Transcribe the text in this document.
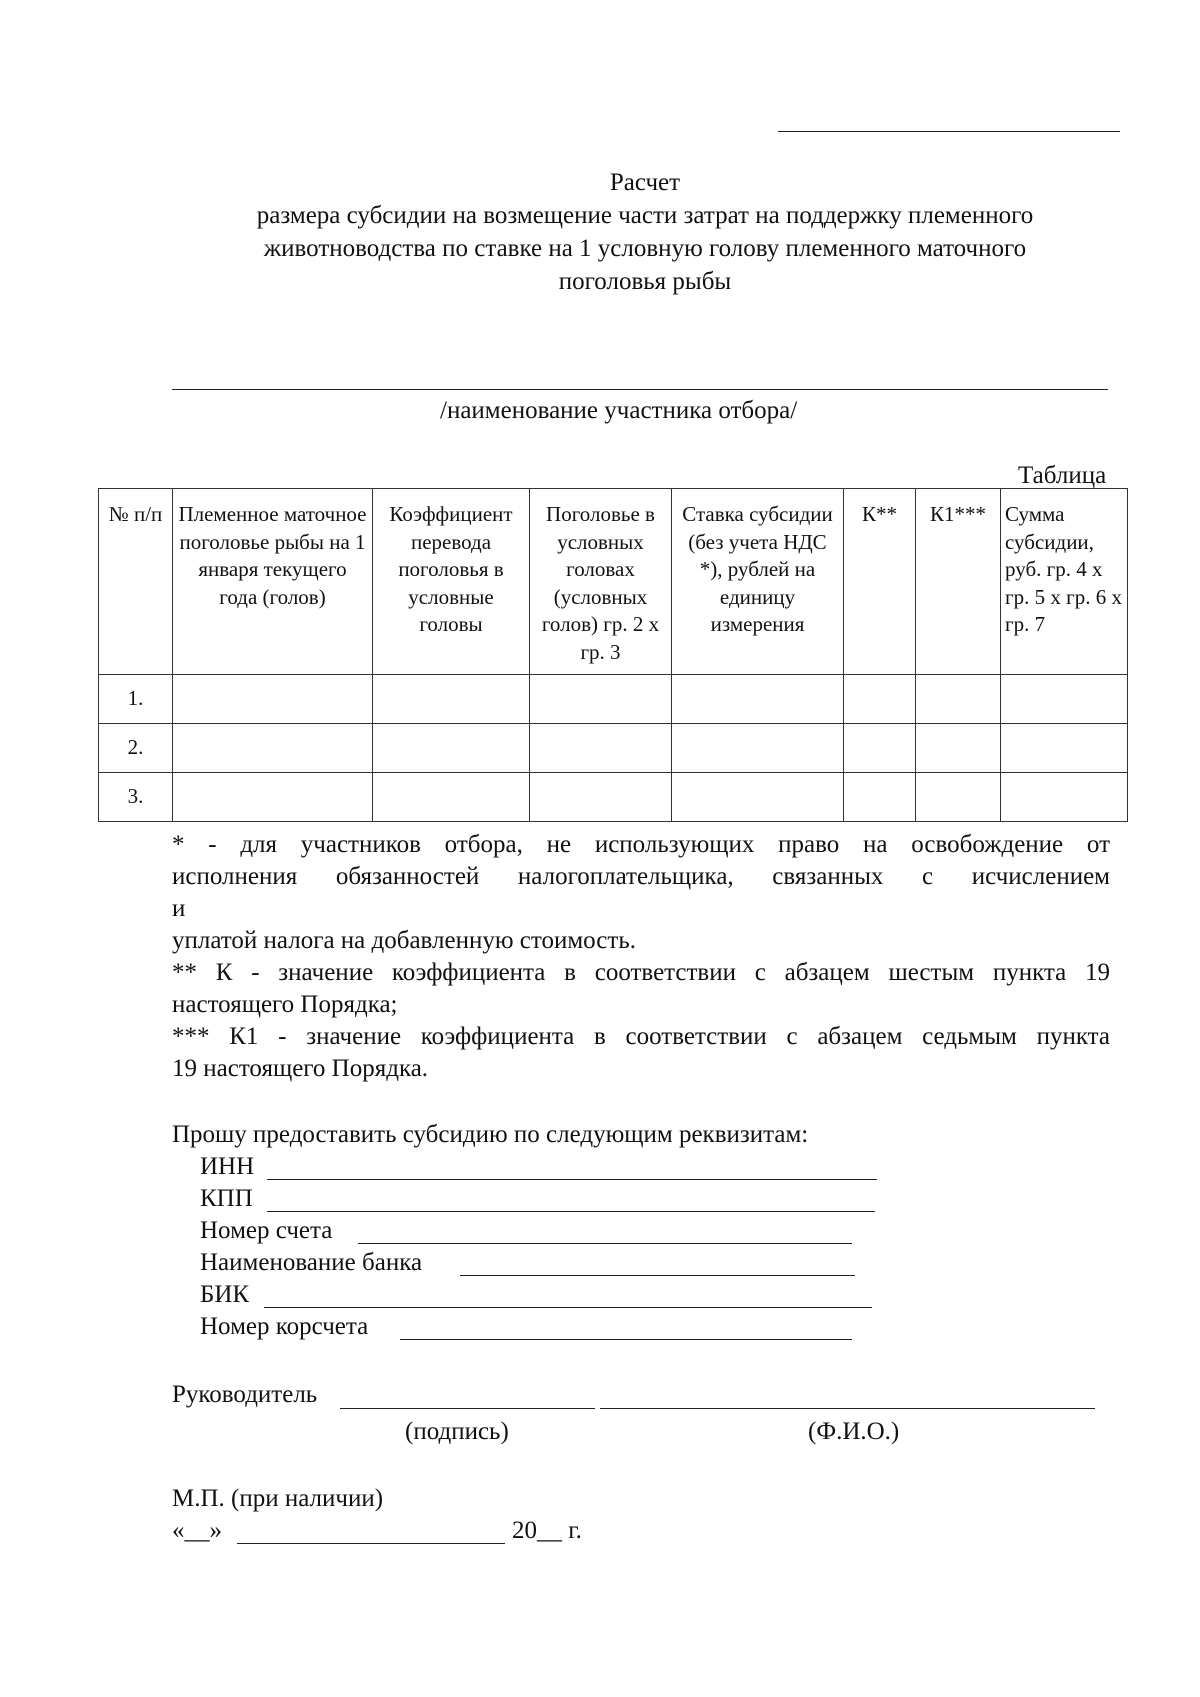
Расчет
размера субсидии на возмещение части затрат на поддержку племенного
животноводства по ставке на 1 условную голову племенного маточного
поголовья рыбы
/наименование участника отбора/
Таблица
№ п/п	Племенное маточное поголовье рыбы на 1 января текущего года (голов)	Коэффициент перевода поголовья в условные головы	Поголовье в условных головах (условных голов) гр. 2 х гр. 3	Ставка субсидии (без учета НДС *), рублей на единицу измерения	К**	К1***	Сумма субсидии, руб. гр. 4 х гр. 5 х гр. 6 х гр. 7
1.							
2.							
3.							
* - для участников отбора, не использующих право на освобождение от
исполнения обязанностей налогоплательщика, связанных с исчислением
и
уплатой налога на добавленную стоимость.
** К - значение коэффициента в соответствии с абзацем шестым пункта 19
настоящего Порядка;
*** К1 - значение коэффициента в соответствии с абзацем седьмым пункта
19 настоящего Порядка.
Прошу предоставить субсидию по следующим реквизитам:
ИНН
КПП
Номер счета
Наименование банка
БИК
Номер корсчета
Руководитель
(подпись)	(Ф.И.О.)
М.П. (при наличии)
«__»	20__ г.
